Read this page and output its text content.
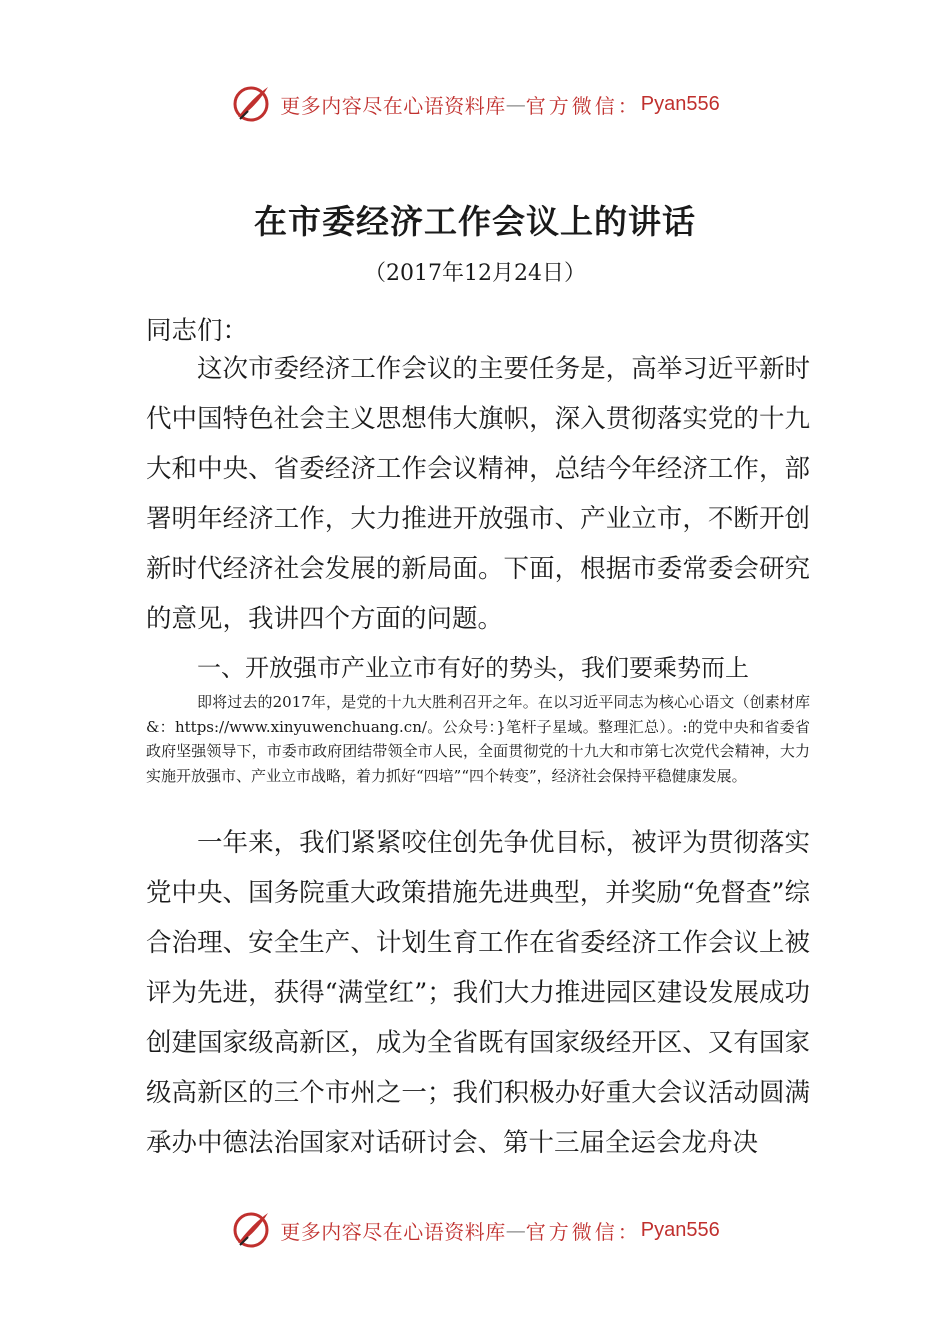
更多内容尽在心语资料库 — 官方微信： Pyan556
在市委经济工作会议上的讲话
（2017年12月24日）

同志们：

这次市委经济工作会议的主要任务是，高举习近平新时代中国特色社会主义思想伟大旗帜，深入贯彻落实党的十九大和中央、省委经济工作会议精神，总结今年经济工作，部署明年经济工作，大力推进开放强市、产业立市，不断开创新时代经济社会发展的新局面。下面，根据市委常委会研究的意见，我讲四个方面的问题。

一、开放强市产业立市有好的势头，我们要乘势而上

即将过去的2017年，是党的十九大胜利召开之年。在以习近平同志为核心心语文（创素材库&：https://www.xinyuwenchuang.cn/。公众号：}笔杆子星域。整理汇总）。:的党中央和省委省政府坚强领导下，市委市政府团结带领全市人民，全面贯彻党的十九大和市第七次党代会精神，大力实施开放强市、产业立市战略，着力抓好“四培”“四个转变”，经济社会保持平稳健康发展。

一年来，我们紧紧咬住创先争优目标，被评为贯彻落实党中央、国务院重大政策措施先进典型，并奖励“免督查”综合治理、安全生产、计划生育工作在省委经济工作会议上被评为先进，获得“满堂红”；我们大力推进园区建设发展成功创建国家级高新区，成为全省既有国家级经开区、又有国家级高新区的三个市州之一；我们积极办好重大会议活动圆满承办中德法治国家对话研讨会、第十三届全运会龙舟决

更多内容尽在心语资料库 — 官方微信： Pyan556
